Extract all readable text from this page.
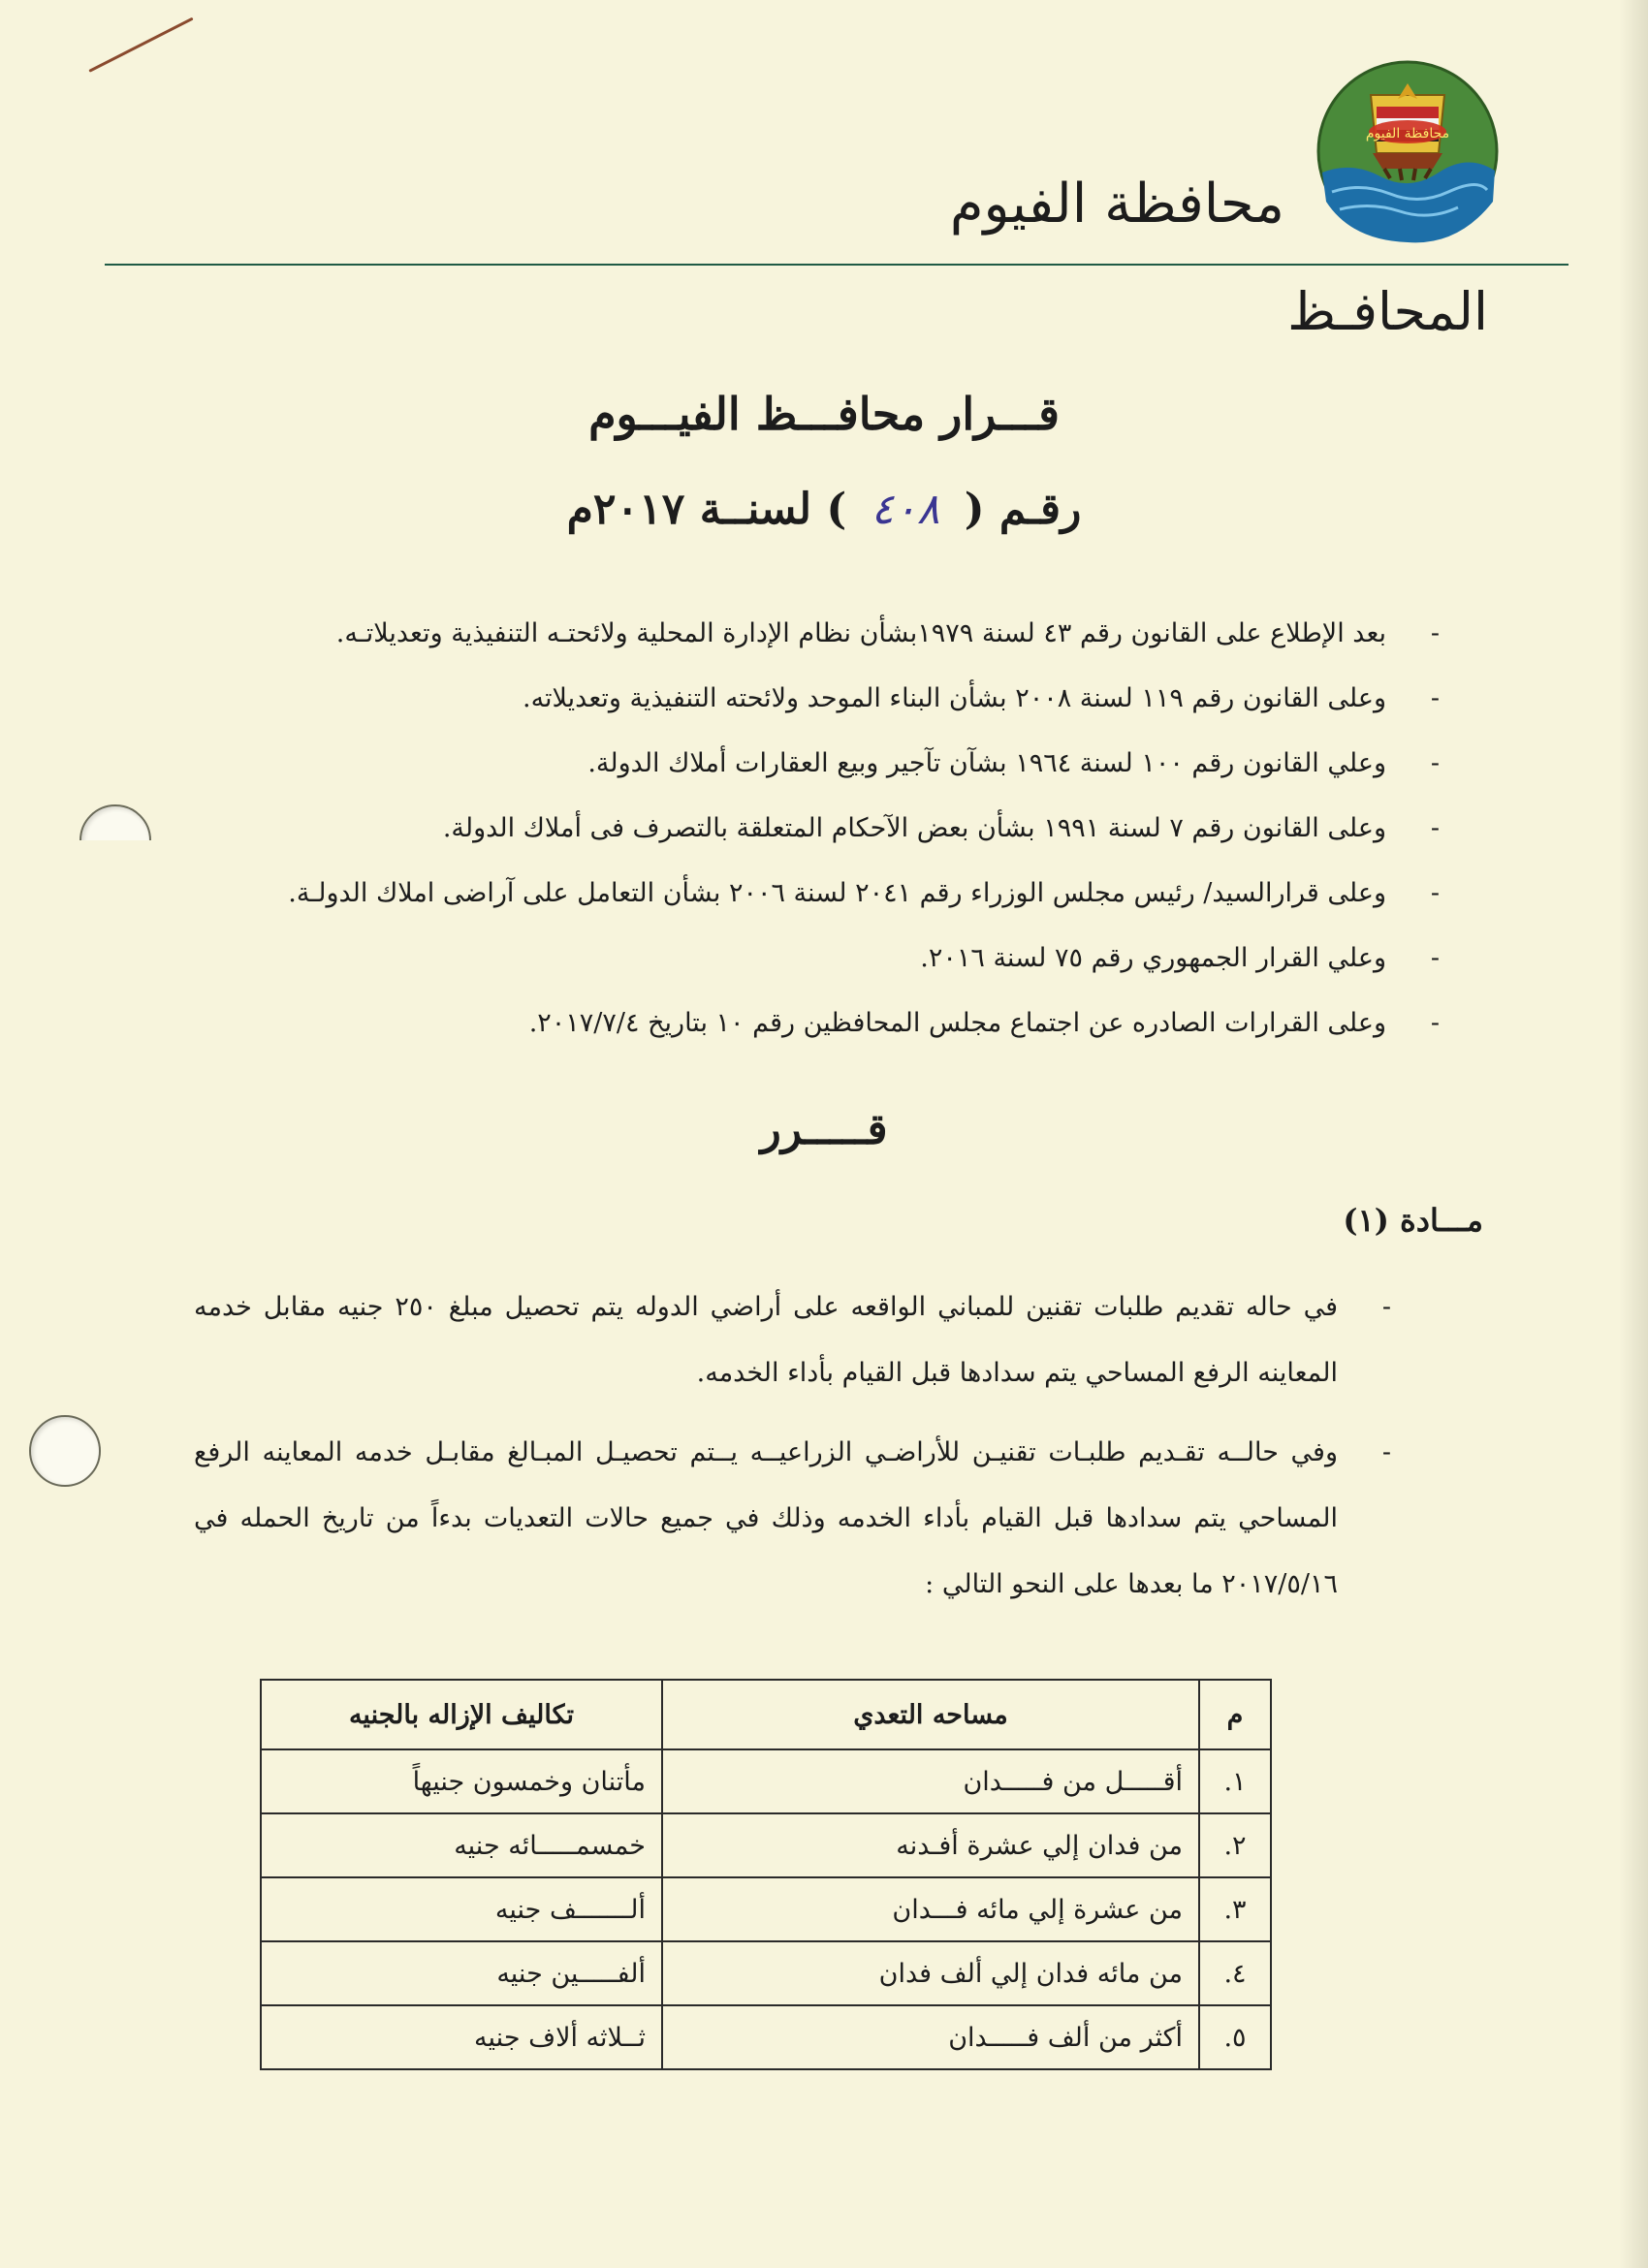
محافظة الفيوم
محافظة الفيوم
المحافـظ
قـــرار محافـــظ الفيـــوم
رقـم ( ٤٠٨ ) لسنــة ٢٠١٧م
-
بعد الإطلاع على القانون رقم ٤٣ لسنة ١٩٧٩بشأن نظام الإدارة المحلية ولائحتـه التنفيذية وتعديلاتـه.
-
وعلى القانون رقم ١١٩ لسنة ٢٠٠٨ بشأن البناء الموحد ولائحته التنفيذية وتعديلاته.
-
وعلي القانون رقم ١٠٠ لسنة ١٩٦٤ بشآن تآجير وبيع العقارات أملاك الدولة.
-
وعلى القانون رقم ٧ لسنة ١٩٩١ بشأن بعض الآحكام المتعلقة بالتصرف فى أملاك الدولة.
-
وعلى قرارالسيد/ رئيس مجلس الوزراء رقم ٢٠٤١ لسنة ٢٠٠٦ بشأن التعامل على آراضى املاك الدولـة.
-
وعلي القرار الجمهوري رقم ٧٥ لسنة ٢٠١٦.
-
وعلى القرارات الصادره عن اجتماع مجلس المحافظين رقم ١٠ بتاريخ ٢٠١٧/٧/٤.
قـــــرر
مـــادة (١)
-
في حاله تقديم طلبات تقنين للمباني الواقعه على أراضي الدوله يتم تحصيل مبلغ ٢٥٠ جنيه مقابل خدمه المعاينه الرفع المساحي يتم سدادها قبل القيام بأداء الخدمه.
-
وفي حالــه تقـديم طلبـات تقنيـن للأراضـي الزراعيــه يــتم تحصيـل المبـالغ مقابـل خدمه المعاينه الرفع المساحي يتم سدادها قبل القيام بأداء الخدمه وذلك في جميع حالات التعديات بدءاً من تاريخ الحمله في ٢٠١٧/٥/١٦ ما بعدها على النحو التالي :
م	مساحه التعدي	تكاليف الإزاله بالجنيه
١.	أقـــــل من فـــــدان	مأتنان وخمسون جنيهاً
٢.	من فدان إلي عشرة أفـدنه	خمسمـــــائه جنيه
٣.	من عشرة إلي مائه فـــدان	ألـــــــف جنيه
٤.	من مائه فدان إلي ألف فدان	ألفـــــين جنيه
٥.	أكثر من ألف فـــــدان	ثــلاثه ألاف جنيه
